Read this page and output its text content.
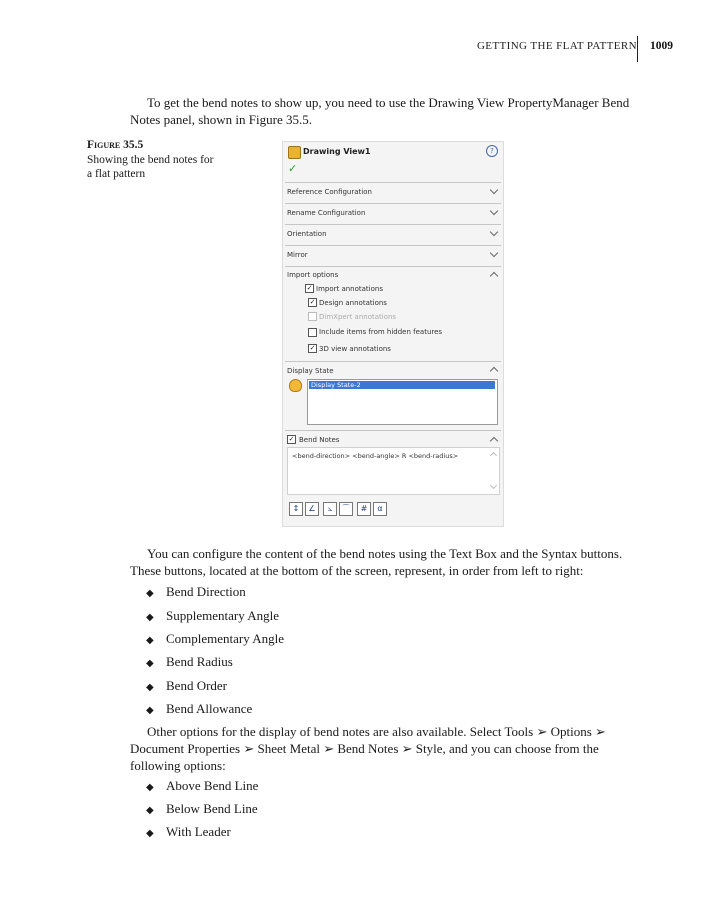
GETTING THE FLAT PATTERN 1009

To get the bend notes to show up, you need to use the Drawing View PropertyManager Bend Notes panel, shown in Figure 35.5.

Figure 35.5
Showing the bend notes for a flat pattern
Drawing View1	?
✓
Reference Configuration
Rename Configuration
Orientation
Mirror
Import options
✓ Import annotations
✓ Design annotations
DimXpert annotations
Include items from hidden features
✓ 3D view annotations
Display State
Display State-2
✓ Bend Notes
<bend-direction> <bend-angle> R <bend-radius>
↕	∠	⦣	⌒	#	α

You can configure the content of the bend notes using the Text Box and the Syntax buttons. These buttons, located at the bottom of the screen, represent, in order from left to right:

◆ Bend Direction
◆ Supplementary Angle
◆ Complementary Angle
◆ Bend Radius
◆ Bend Order
◆ Bend Allowance

Other options for the display of bend notes are also available. Select Tools ➢ Options ➢ Document Properties ➢ Sheet Metal ➢ Bend Notes ➢ Style, and you can choose from the following options:

◆ Above Bend Line
◆ Below Bend Line
◆ With Leader
